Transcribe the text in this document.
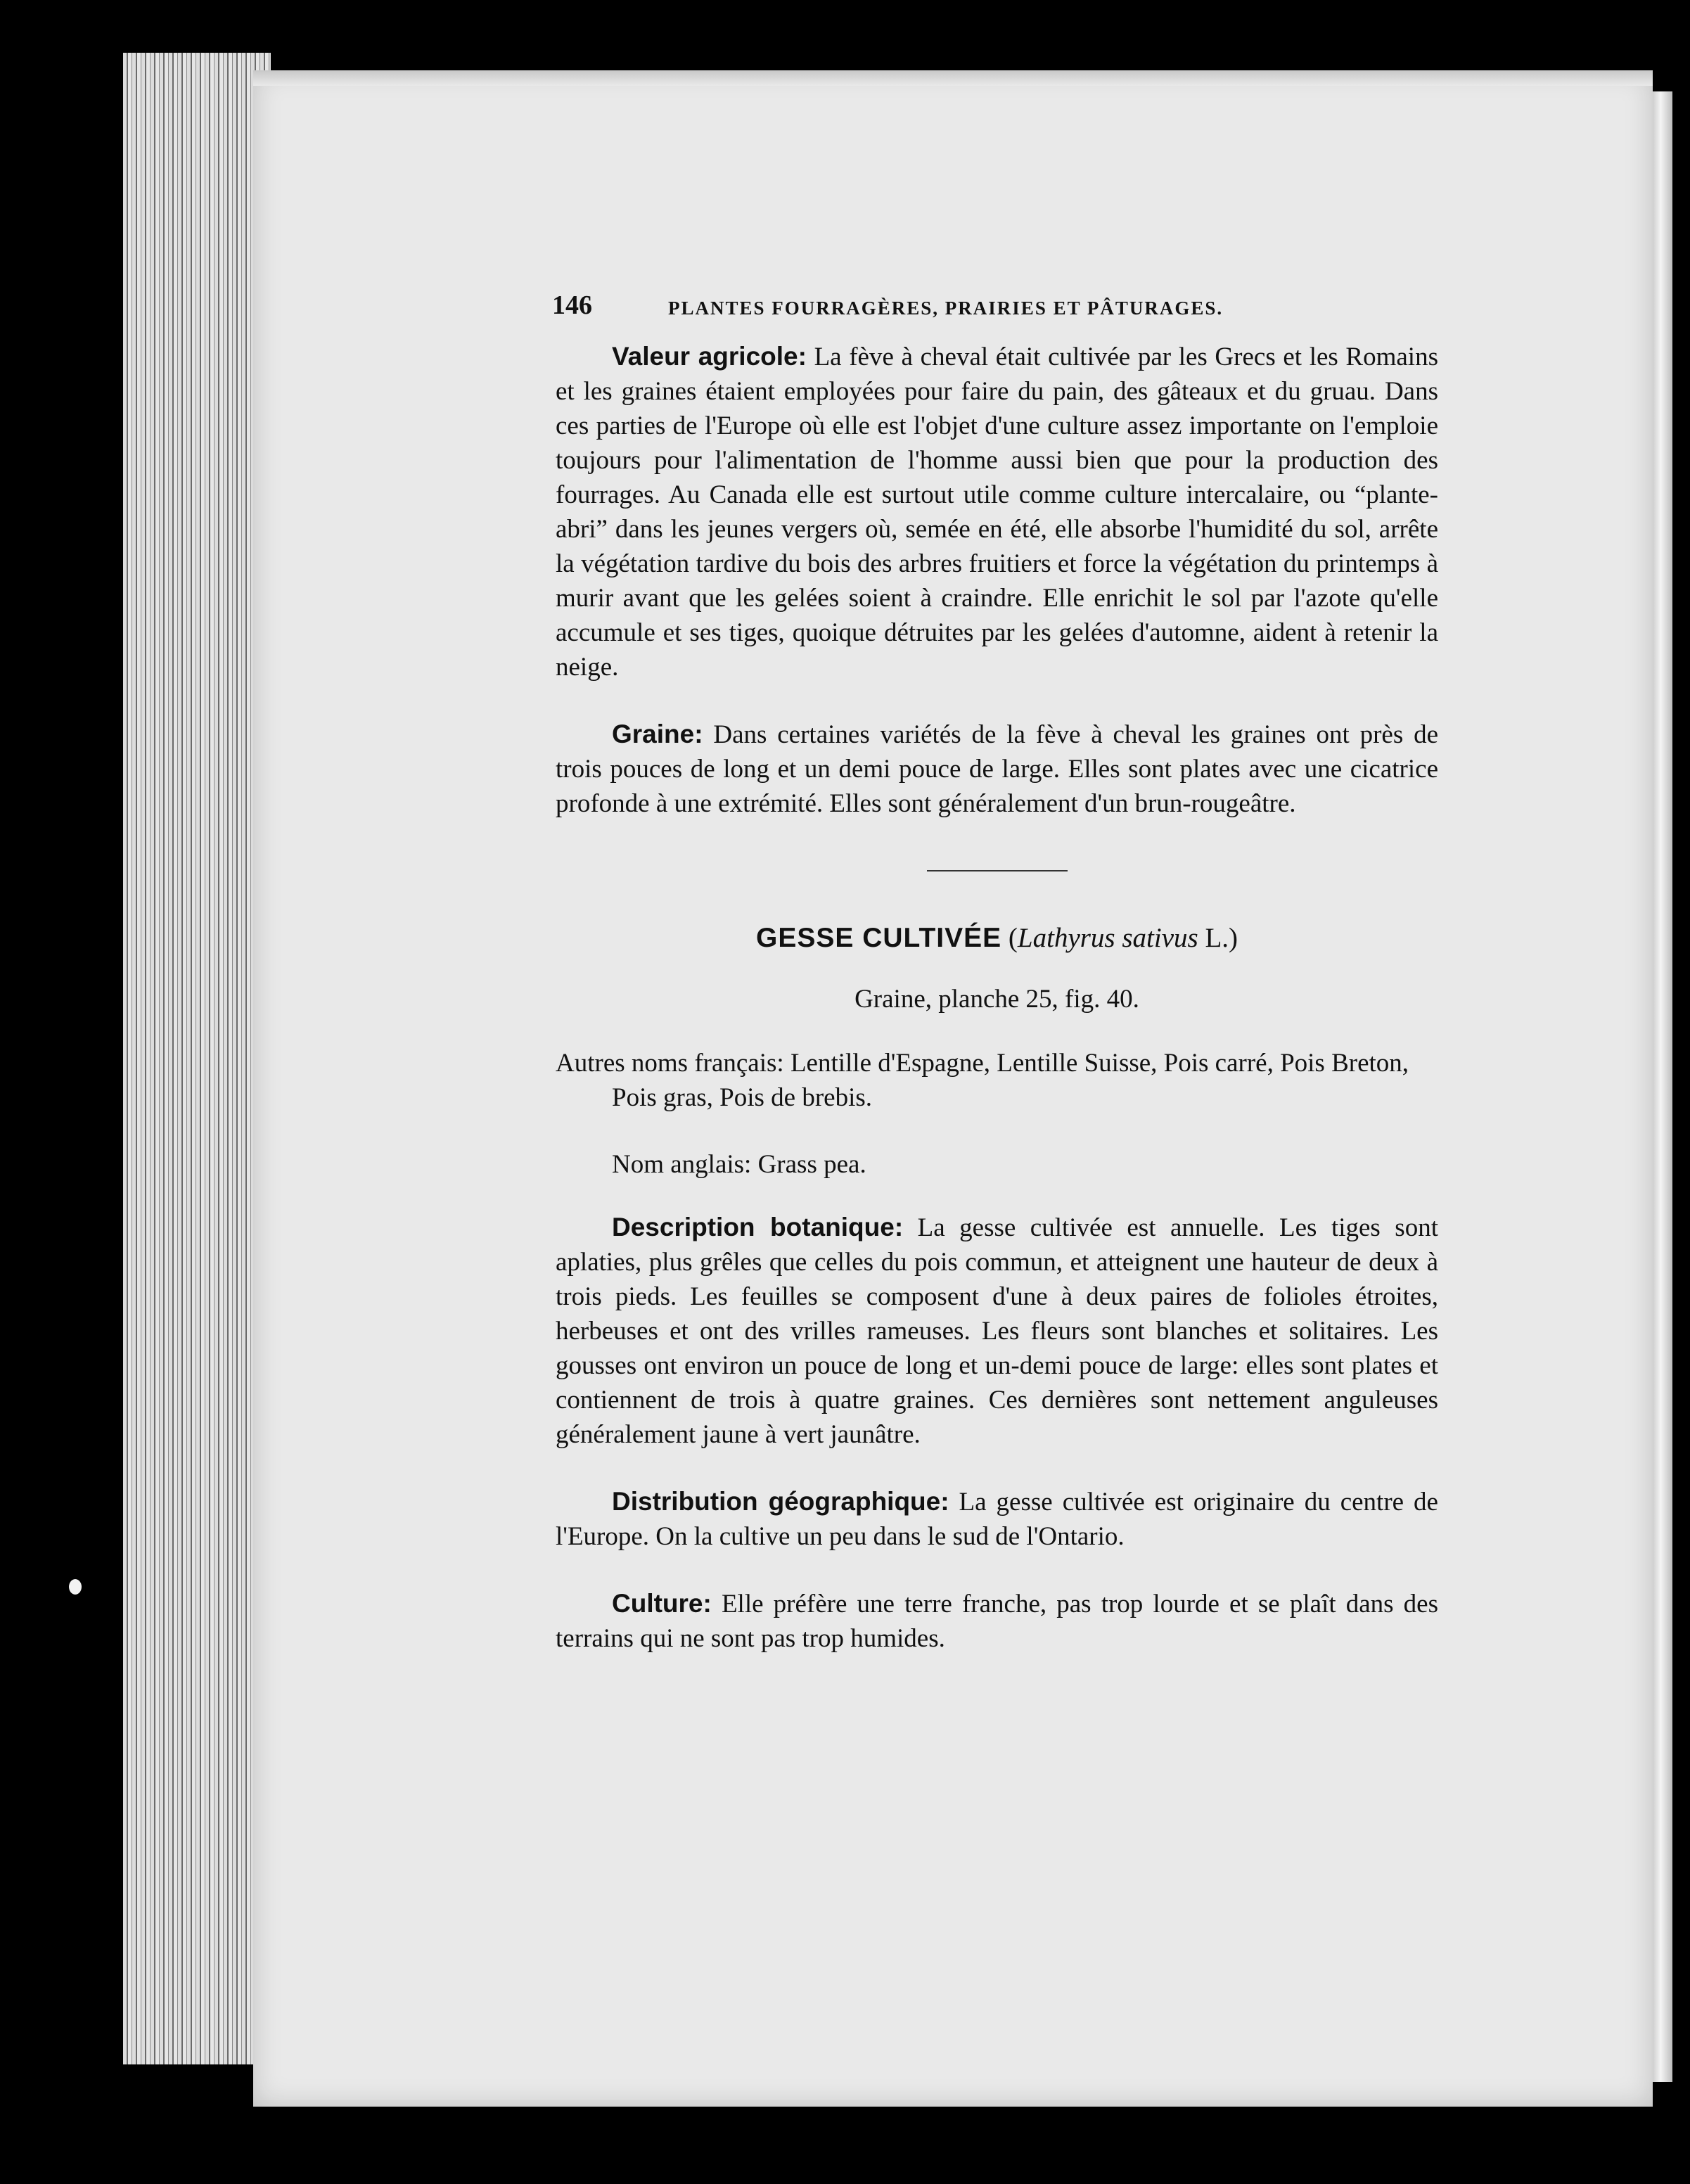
146	PLANTES FOURRAGÈRES, PRAIRIES ET PÂTURAGES.

Valeur agricole: La fève à cheval était cultivée par les Grecs et les Romains et les graines étaient employées pour faire du pain, des gâteaux et du gruau. Dans ces parties de l'Europe où elle est l'objet d'une culture assez importante on l'emploie toujours pour l'alimentation de l'homme aussi bien que pour la production des fourrages. Au Canada elle est surtout utile comme culture intercalaire, ou “plante-abri” dans les jeunes vergers où, semée en été, elle absorbe l'humidité du sol, arrête la végétation tardive du bois des arbres fruitiers et force la végétation du printemps à murir avant que les gelées soient à craindre. Elle enrichit le sol par l'azote qu'elle accumule et ses tiges, quoique détruites par les gelées d'automne, aident à retenir la neige.

Graine: Dans certaines variétés de la fève à cheval les graines ont près de trois pouces de long et un demi pouce de large. Elles sont plates avec une cicatrice profonde à une extrémité. Elles sont généralement d'un brun-rougeâtre.

GESSE CULTIVÉE (Lathyrus sativus L.)
Graine, planche 25, fig. 40.

Autres noms français: Lentille d'Espagne, Lentille Suisse, Pois carré, Pois Breton, Pois gras, Pois de brebis.

Nom anglais: Grass pea.

Description botanique: La gesse cultivée est annuelle. Les tiges sont aplaties, plus grêles que celles du pois commun, et atteignent une hauteur de deux à trois pieds. Les feuilles se composent d'une à deux paires de folioles étroites, herbeuses et ont des vrilles rameuses. Les fleurs sont blanches et solitaires. Les gousses ont environ un pouce de long et un-demi pouce de large: elles sont plates et contiennent de trois à quatre graines. Ces dernières sont nettement anguleuses généralement jaune à vert jaunâtre.

Distribution géographique: La gesse cultivée est originaire du centre de l'Europe. On la cultive un peu dans le sud de l'Ontario.

Culture: Elle préfère une terre franche, pas trop lourde et se plaît dans des terrains qui ne sont pas trop humides.
